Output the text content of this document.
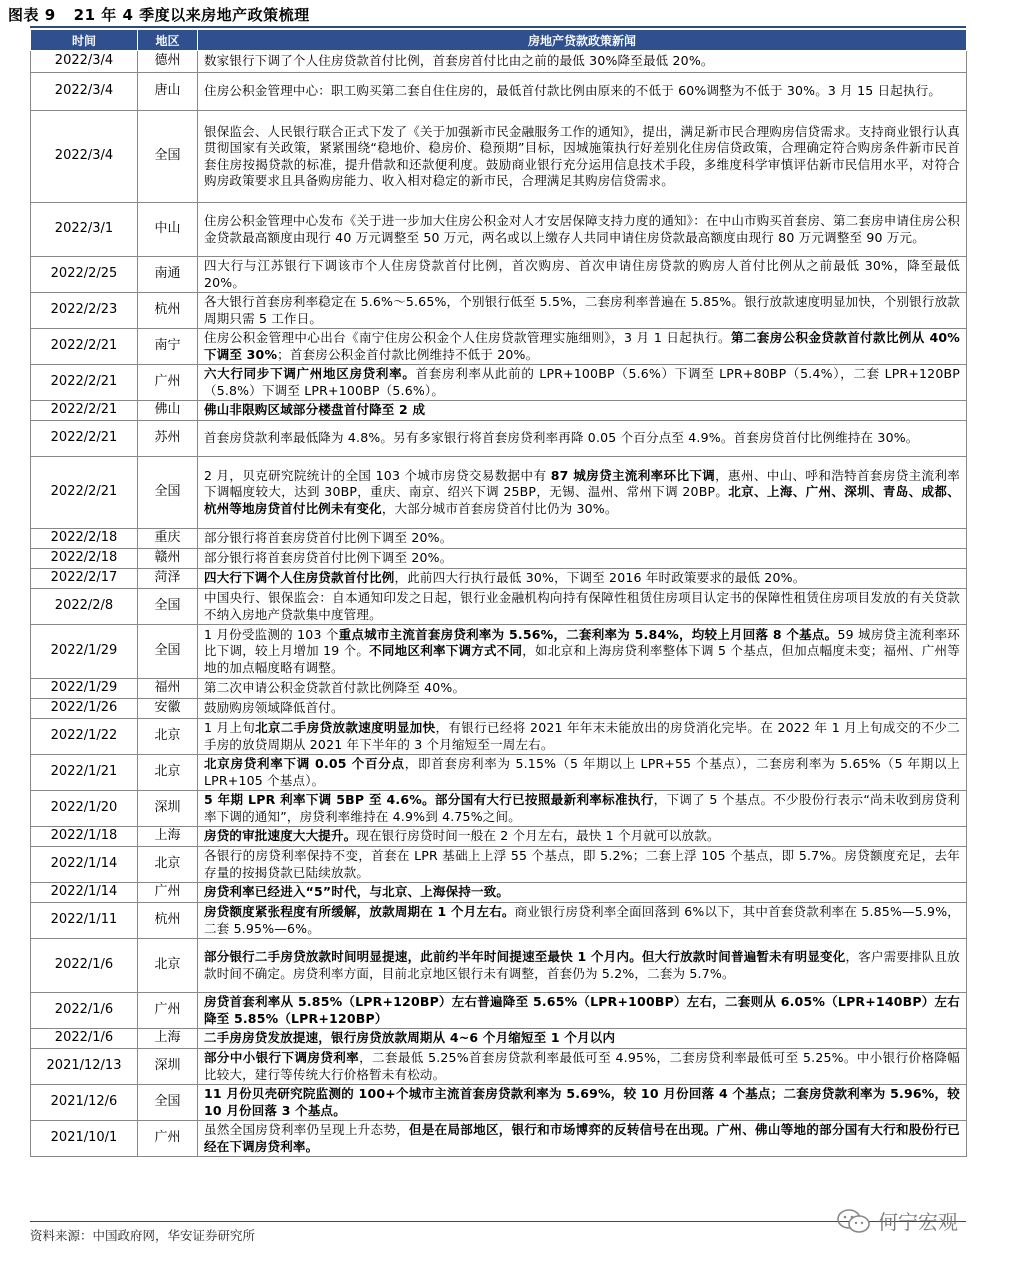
图表 9 21 年 4 季度以来房地产政策梳理
时间	地区	房地产贷款政策新闻
2022/3/4	德州	数家银行下调了个人住房贷款首付比例，首套房首付比由之前的最低 30%降至最低 20%。
2022/3/4	唐山	住房公积金管理中心：职工购买第二套自住住房的，最低首付款比例由原来的不低于 60%调整为不低于 30%。3 月 15 日起执行。
2022/3/4	全国	银保监会、人民银行联合正式下发了《关于加强新市民金融服务工作的通知》，提出，满足新市民合理购房信贷需求。支持商业银行认真贯彻国家有关政策，紧紧围绕“稳地价、稳房价、稳预期”目标，因城施策执行好差别化住房信贷政策，合理确定符合购房条件新市民首套住房按揭贷款的标准，提升借款和还款便利度。鼓励商业银行充分运用信息技术手段，多维度科学审慎评估新市民信用水平，对符合购房政策要求且具备购房能力、收入相对稳定的新市民，合理满足其购房信贷需求。
2022/3/1	中山	住房公积金管理中心发布《关于进一步加大住房公积金对人才安居保障支持力度的通知》：在中山市购买首套房、第二套房申请住房公积金贷款最高额度由现行 40 万元调整至 50 万元，两名或以上缴存人共同申请住房贷款最高额度由现行 80 万元调整至 90 万元。
2022/2/25	南通	四大行与江苏银行下调该市个人住房贷款首付比例，首次购房、首次申请住房贷款的购房人首付比例从之前最低 30%，降至最低 20%。
2022/2/23	杭州	各大银行首套房利率稳定在 5.6%～5.65%，个别银行低至 5.5%，二套房利率普遍在 5.85%。银行放款速度明显加快，个别银行放款周期只需 5 工作日。
2022/2/21	南宁	住房公积金管理中心出台《南宁住房公积金个人住房贷款管理实施细则》，3 月 1 日起执行。第二套房公积金贷款首付款比例从 40%下调至 30%；首套房公积金首付款比例维持不低于 20%。
2022/2/21	广州	六大行同步下调广州地区房贷利率。首套房利率从此前的 LPR+100BP（5.6%）下调至 LPR+80BP（5.4%），二套 LPR+120BP（5.8%）下调至 LPR+100BP（5.6%）。
2022/2/21	佛山	佛山非限购区域部分楼盘首付降至 2 成
2022/2/21	苏州	首套房贷款利率最低降为 4.8%。另有多家银行将首套房贷利率再降 0.05 个百分点至 4.9%。首套房贷首付比例维持在 30%。
2022/2/21	全国	2 月，贝克研究院统计的全国 103 个城市房贷交易数据中有 87 城房贷主流利率环比下调，惠州、中山、呼和浩特首套房贷主流利率下调幅度较大，达到 30BP，重庆、南京、绍兴下调 25BP，无锡、温州、常州下调 20BP。北京、上海、广州、深圳、青岛、成都、杭州等地房贷首付比例未有变化，大部分城市首套房贷首付比仍为 30%。
2022/2/18	重庆	部分银行将首套房贷首付比例下调至 20%。
2022/2/18	赣州	部分银行将首套房贷首付比例下调至 20%。
2022/2/17	菏泽	四大行下调个人住房贷款首付比例，此前四大行执行最低 30%，下调至 2016 年时政策要求的最低 20%。
2022/2/8	全国	中国央行、银保监会：自本通知印发之日起，银行业金融机构向持有保障性租赁住房项目认定书的保障性租赁住房项目发放的有关贷款不纳入房地产贷款集中度管理。
2022/1/29	全国	1 月份受监测的 103 个重点城市主流首套房贷利率为 5.56%，二套利率为 5.84%，均较上月回落 8 个基点。59 城房贷主流利率环比下调，较上月增加 19 个。不同地区利率下调方式不同，如北京和上海房贷利率整体下调 5 个基点，但加点幅度未变；福州、广州等地的加点幅度略有调整。
2022/1/29	福州	第二次申请公积金贷款首付款比例降至 40%。
2022/1/26	安徽	鼓励购房领域降低首付。
2022/1/22	北京	1 月上旬北京二手房贷放款速度明显加快，有银行已经将 2021 年年末未能放出的房贷消化完毕。在 2022 年 1 月上旬成交的不少二手房的放贷周期从 2021 年下半年的 3 个月缩短至一周左右。
2022/1/21	北京	北京房贷利率下调 0.05 个百分点，即首套房利率为 5.15%（5 年期以上 LPR+55 个基点），二套房利率为 5.65%（5 年期以上 LPR+105 个基点）。
2022/1/20	深圳	5 年期 LPR 利率下调 5BP 至 4.6%。部分国有大行已按照最新利率标准执行，下调了 5 个基点。不少股份行表示“尚未收到房贷利率下调的通知”，房贷利率维持在 4.9%到 4.75%之间。
2022/1/18	上海	房贷的审批速度大大提升。现在银行房贷时间一般在 2 个月左右，最快 1 个月就可以放款。
2022/1/14	北京	各银行的房贷利率保持不变，首套在 LPR 基础上上浮 55 个基点，即 5.2%；二套上浮 105 个基点，即 5.7%。房贷额度充足，去年存量的按揭贷款已陆续放款。
2022/1/14	广州	房贷利率已经进入“5”时代，与北京、上海保持一致。
2022/1/11	杭州	房贷额度紧张程度有所缓解，放款周期在 1 个月左右。商业银行房贷利率全面回落到 6%以下，其中首套贷款利率在 5.85%—5.9%，二套 5.95%—6%。
2022/1/6	北京	部分银行二手房贷放款时间明显提速，此前约半年时间提速至最快 1 个月内。但大行放款时间普遍暂未有明显变化，客户需要排队且放款时间不确定。房贷利率方面，目前北京地区银行未有调整，首套仍为 5.2%，二套为 5.7%。
2022/1/6	广州	房贷首套利率从 5.85%（LPR+120BP）左右普遍降至 5.65%（LPR+100BP）左右，二套则从 6.05%（LPR+140BP）左右降至 5.85%（LPR+120BP）
2022/1/6	上海	二手房房贷发放提速，银行房贷放款周期从 4~6 个月缩短至 1 个月以内
2021/12/13	深圳	部分中小银行下调房贷利率，二套最低 5.25%首套房贷款利率最低可至 4.95%，二套房贷利率最低可至 5.25%。中小银行价格降幅比较大，建行等传统大行价格暂未有松动。
2021/12/6	全国	11 月份贝壳研究院监测的 100+个城市主流首套房贷款利率为 5.69%，较 10 月份回落 4 个基点；二套房贷款利率为 5.96%，较 10 月份回落 3 个基点。
2021/10/1	广州	虽然全国房贷利率仍呈现上升态势，但是在局部地区，银行和市场博弈的反转信号在出现。广州、佛山等地的部分国有大行和股份行已经在下调房贷利率。
资料来源：中国政府网，华安证券研究所
何宁宏观
